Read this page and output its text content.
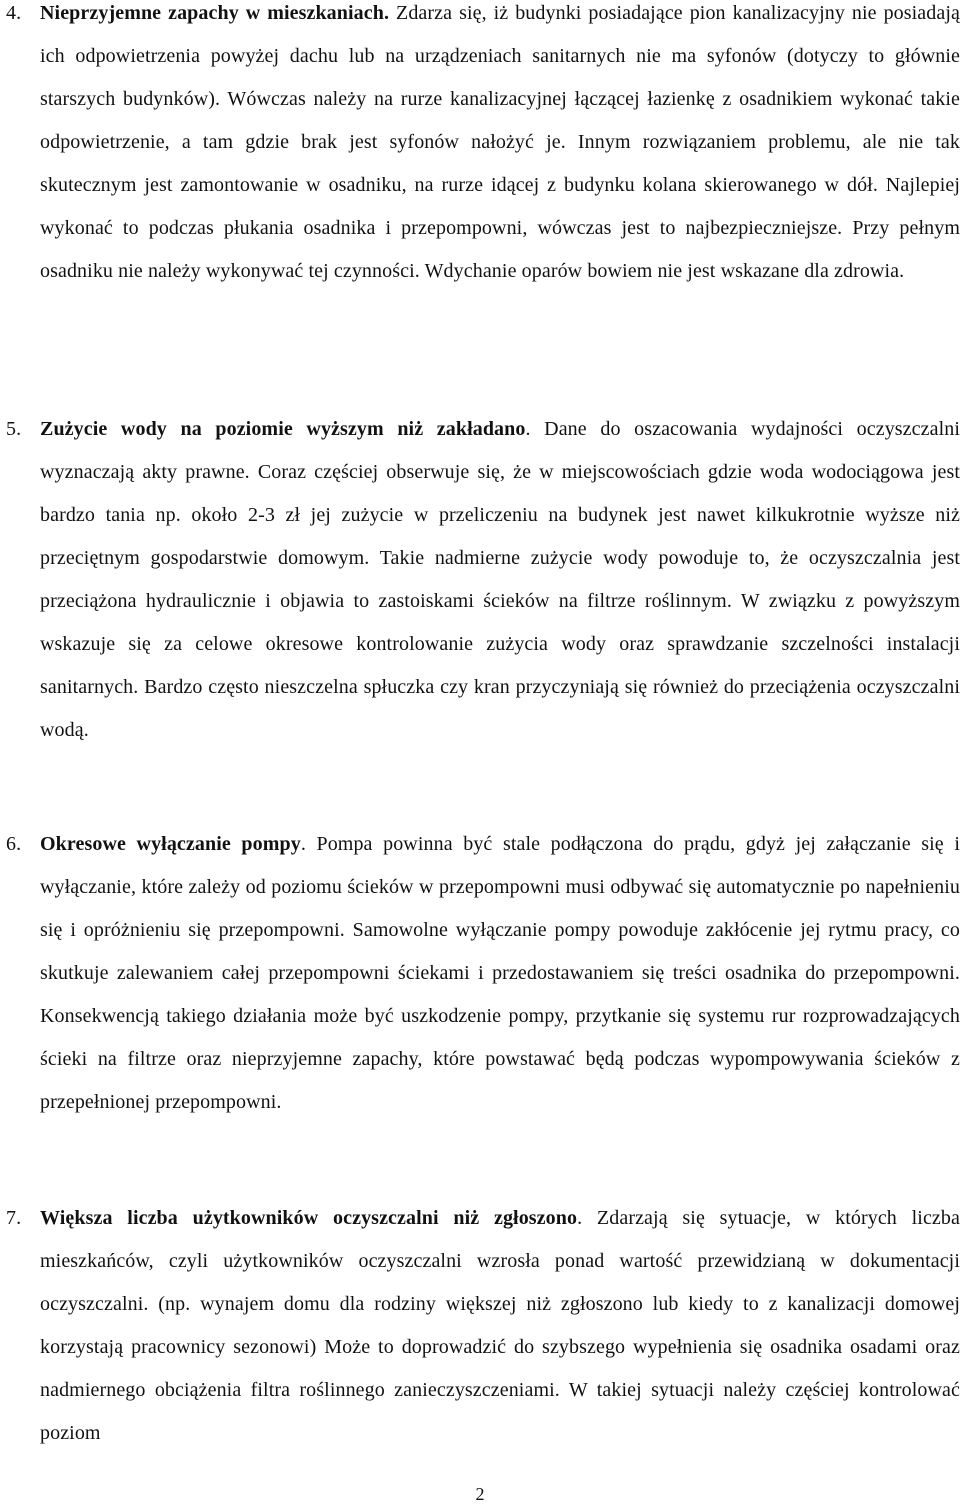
4. Nieprzyjemne zapachy w mieszkaniach. Zdarza się, iż budynki posiadające pion kanalizacyjny nie posiadają ich odpowietrzenia powyżej dachu lub na urządzeniach sanitarnych nie ma syfonów (dotyczy to głównie starszych budynków). Wówczas należy na rurze kanalizacyjnej łączącej łazienkę z osadnikiem wykonać takie odpowietrzenie, a tam gdzie brak jest syfonów nałożyć je. Innym rozwiązaniem problemu, ale nie tak skutecznym jest zamontowanie w osadniku, na rurze idącej z budynku kolana skierowanego w dół. Najlepiej wykonać to podczas płukania osadnika i przepompowni, wówczas jest to najbezpieczniejsze. Przy pełnym osadniku nie należy wykonywać tej czynności. Wdychanie oparów bowiem nie jest wskazane dla zdrowia.
5. Zużycie wody na poziomie wyższym niż zakładano. Dane do oszacowania wydajności oczyszczalni wyznaczają akty prawne. Coraz częściej obserwuje się, że w miejscowościach gdzie woda wodociągowa jest bardzo tania np. około 2-3 zł jej zużycie w przeliczeniu na budynek jest nawet kilkukrotnie wyższe niż przeciętnym gospodarstwie domowym. Takie nadmierne zużycie wody powoduje to, że oczyszczalnia jest przeciążona hydraulicznie i objawia to zastoiskami ścieków na filtrze roślinnym. W związku z powyższym wskazuje się za celowe okresowe kontrolowanie zużycia wody oraz sprawdzanie szczelności instalacji sanitarnych. Bardzo często nieszczelna spłuczka czy kran przyczyniają się również do przeciążenia oczyszczalni wodą.
6. Okresowe wyłączanie pompy. Pompa powinna być stale podłączona do prądu, gdyż jej załączanie się i wyłączanie, które zależy od poziomu ścieków w przepompowni musi odbywać się automatycznie po napełnieniu się i opróżnieniu się przepompowni. Samowolne wyłączanie pompy powoduje zakłócenie jej rytmu pracy, co skutkuje zalewaniem całej przepompowni ściekami i przedostawaniem się treści osadnika do przepompowni. Konsekwencją takiego działania może być uszkodzenie pompy, przytkanie się systemu rur rozprowadzających ścieki na filtrze oraz nieprzyjemne zapachy, które powstawać będą podczas wypompowywania ścieków z przepełnionej przepompowni.
7. Większa liczba użytkowników oczyszczalni niż zgłoszono. Zdarzają się sytuacje, w których liczba mieszkańców, czyli użytkowników oczyszczalni wzrosła ponad wartość przewidzianą w dokumentacji oczyszczalni. (np. wynajem domu dla rodziny większej niż zgłoszono lub kiedy to z kanalizacji domowej korzystają pracownicy sezonowi) Może to doprowadzić do szybszego wypełnienia się osadnika osadami oraz nadmiernego obciążenia filtra roślinnego zanieczyszczeniami. W takiej sytuacji należy częściej kontrolować poziom
2
